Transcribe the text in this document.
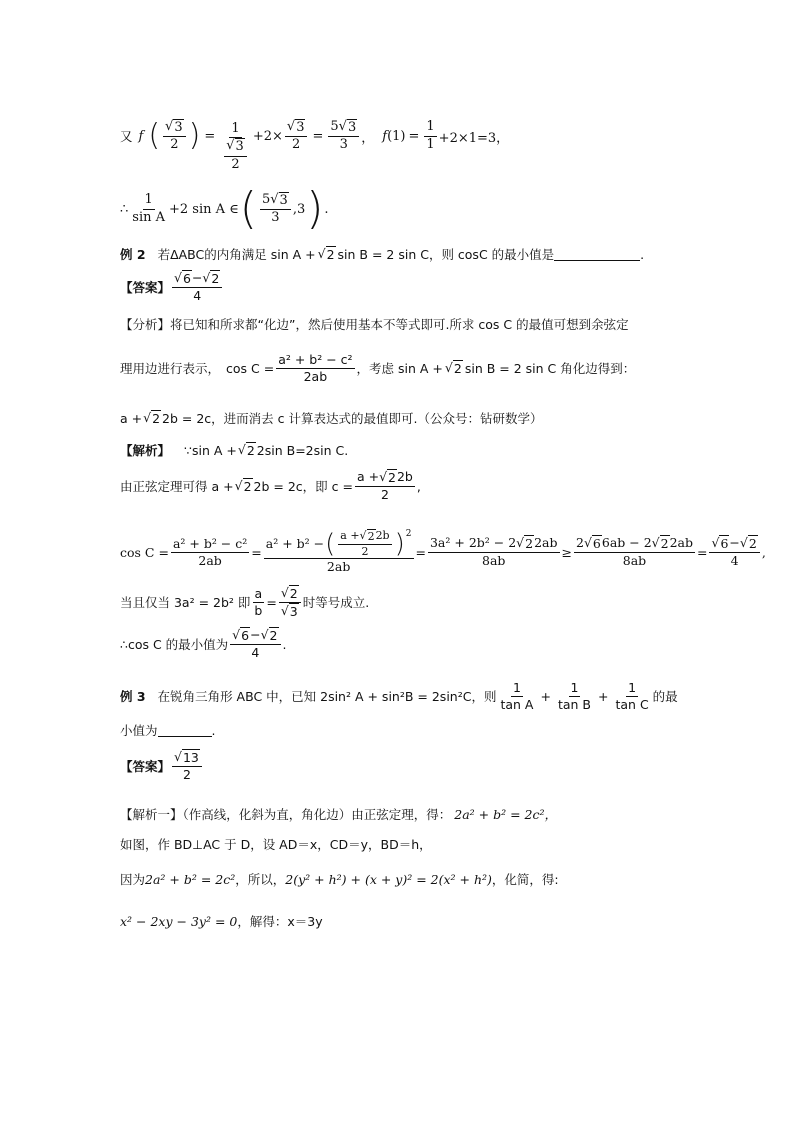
又 f ( $\frac{√ 3}{2}$ ) = $\frac{1}{\frac{√ 3}{2}} +2\times \frac{√ 3}{2} = \frac{5 √ 3}{3}$ ， f $(1) = \frac{1}{1} +2\times 1=3$，
∴ $\frac{1}{\text{sin A}} +2$ sin A ∈ ( $\frac{5 √ 3}{3} ,3$ ) .
例 2 若ΔABC的内角满足 sin A + √ 2 sin B = 2 sin C，则 cosC 的最小值是	.
【答案】 $\frac{√ 6 - √ 2}{4}$
【分析】将已知和所求都“化边”，然后使用基本不等式即可.所求 cos C 的最值可想到余弦定
理用边进行表示， $\cos C = \frac{\text{a² + b² − c²}}{2ab}$ ，考虑 sin A + √ 2 sin B = 2 sin C 角化边得到：
a + √ 2 2b = 2c，进而消去 c 计算表达式的最值即可.（公众号：钻研数学）
【解析】 ∵sin A + √ 2 2sin B=2sin C.
由正弦定理可得 a + √ 2 2b = 2c，即 $c = \frac{a + √ 2 2b}{2}$ ,
$\cos C = \frac{\text{a² + b² − c²}}{2ab}$ =
a² + b² − ( $\frac{a + √ 2 2b}{2} )^2$
2ab
= $\frac{\text{3a² + 2b² − 2 √ 2 2ab}}{8ab} \ge \frac{2 √ 6 6ab - 2 √ 2 2ab}{8ab} = \frac{√ 6 - √ 2}{4}$ ,
当且仅当 3a² = 2b² 即 $\frac{a}{b} = \frac{√ 2}{√ 3}$ 时等号成立.
∴cos C 的最小值为 $\frac{√ 6 - √ 2}{4}$ .
例 3 在锐角三角形 ABC 中，已知 2sin² A + sin²B = 2sin²C，则 $\frac{1}{\text{tan A}} + \frac{1}{\text{tan B}} + \frac{1}{\text{tan C}}$ 的最
小值为	.
【答案】 $\frac{√ 13}{2}$
【解析一】（作高线，化斜为直，角化边）由正弦定理，得： 2a² + b² = 2c²，
如图，作 BD⊥AC 于 D，设 AD＝x，CD＝y，BD＝h，
因为 2a² + b² = 2c² ，所以， 2(y² + h²) + (x + y)² = 2(x² + h²) ，化简，得:
x² − 2xy − 3y² = 0 ，解得：x＝3y
